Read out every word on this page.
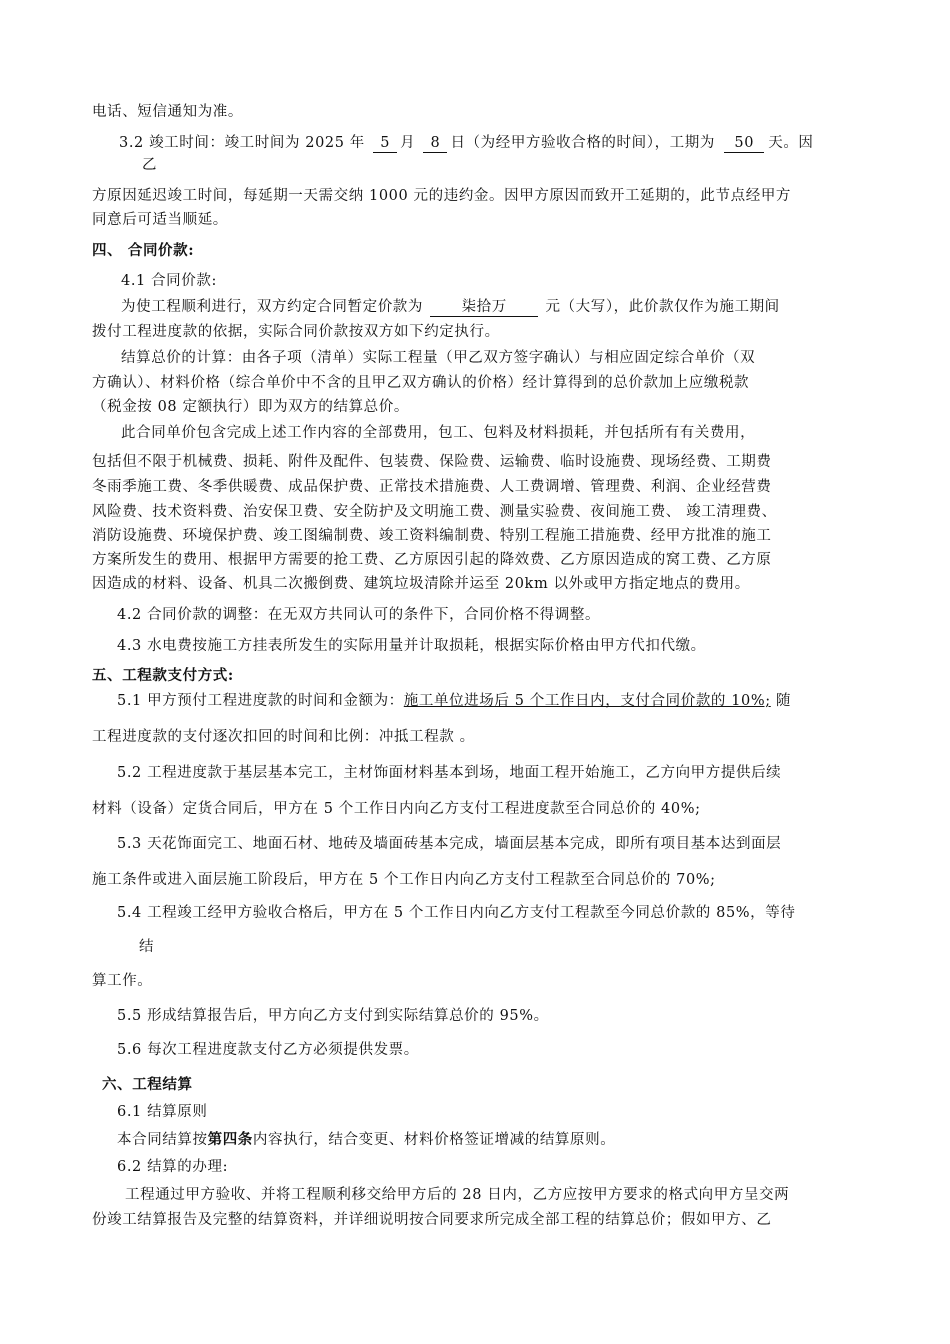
电话、短信通知为准。
3.2 竣工时间：竣工时间为 2025 年 5 月 8 日（为经甲方验收合格的时间），工期为 50 天。因
乙
方原因延迟竣工时间，每延期一天需交纳 1000 元的违约金。因甲方原因而致开工延期的，此节点经甲方
同意后可适当顺延。
四、 合同价款:
4.1 合同价款:
为使工程顺利进行，双方约定合同暂定价款为	柒拾万	元（大写），此价款仅作为施工期间
拨付工程进度款的依据，实际合同价款按双方如下约定执行。
结算总价的计算：由各子项（清单）实际工程量（甲乙双方签字确认）与相应固定综合单价（双
方确认）、材料价格（综合单价中不含的且甲乙双方确认的价格）经计算得到的总价款加上应缴税款
（税金按 08 定额执行）即为双方的结算总价。
此合同单价包含完成上述工作内容的全部费用，包工、包料及材料损耗，并包括所有有关费用，
包括但不限于机械费、损耗、附件及配件、包装费、保险费、运输费、临时设施费、现场经费、工期费
冬雨季施工费、冬季供暖费、成品保护费、正常技术措施费、人工费调增、管理费、利润、企业经营费
风险费、技术资料费、治安保卫费、安全防护及文明施工费、测量实验费、夜间施工费、 竣工清理费、
消防设施费、环境保护费、竣工图编制费、竣工资料编制费、特别工程施工措施费、经甲方批准的施工
方案所发生的费用、根据甲方需要的抢工费、乙方原因引起的降效费、乙方原因造成的窝工费、乙方原
因造成的材料、设备、机具二次搬倒费、建筑垃圾清除并运至 20km 以外或甲方指定地点的费用。
4.2 合同价款的调整：在无双方共同认可的条件下，合同价格不得调整。
4.3 水电费按施工方挂表所发生的实际用量并计取损耗，根据实际价格由甲方代扣代缴。
五、工程款支付方式:
5.1 甲方预付工程进度款的时间和金额为：施工单位进场后 5 个工作日内，支付合同价款的 10%; 随
工程进度款的支付逐次扣回的时间和比例：冲抵工程款 。
5.2 工程进度款于基层基本完工，主材饰面材料基本到场，地面工程开始施工，乙方向甲方提供后续
材料（设备）定货合同后，甲方在 5 个工作日内向乙方支付工程进度款至合同总价的 40%;
5.3 天花饰面完工、地面石材、地砖及墙面砖基本完成，墙面层基本完成，即所有项目基本达到面层
施工条件或进入面层施工阶段后，甲方在 5 个工作日内向乙方支付工程款至合同总价的 70%;
5.4 工程竣工经甲方验收合格后，甲方在 5 个工作日内向乙方支付工程款至今同总价款的 85%，等待
结
算工作。
5.5 形成结算报告后，甲方向乙方支付到实际结算总价的 95%。
5.6 每次工程进度款支付乙方必须提供发票。
六、工程结算
6.1 结算原则
本合同结算按第四条内容执行，结合变更、材料价格签证增减的结算原则。
6.2 结算的办理:
工程通过甲方验收、并将工程顺利移交给甲方后的 28 日内，乙方应按甲方要求的格式向甲方呈交两
份竣工结算报告及完整的结算资料，并详细说明按合同要求所完成全部工程的结算总价；假如甲方、乙
